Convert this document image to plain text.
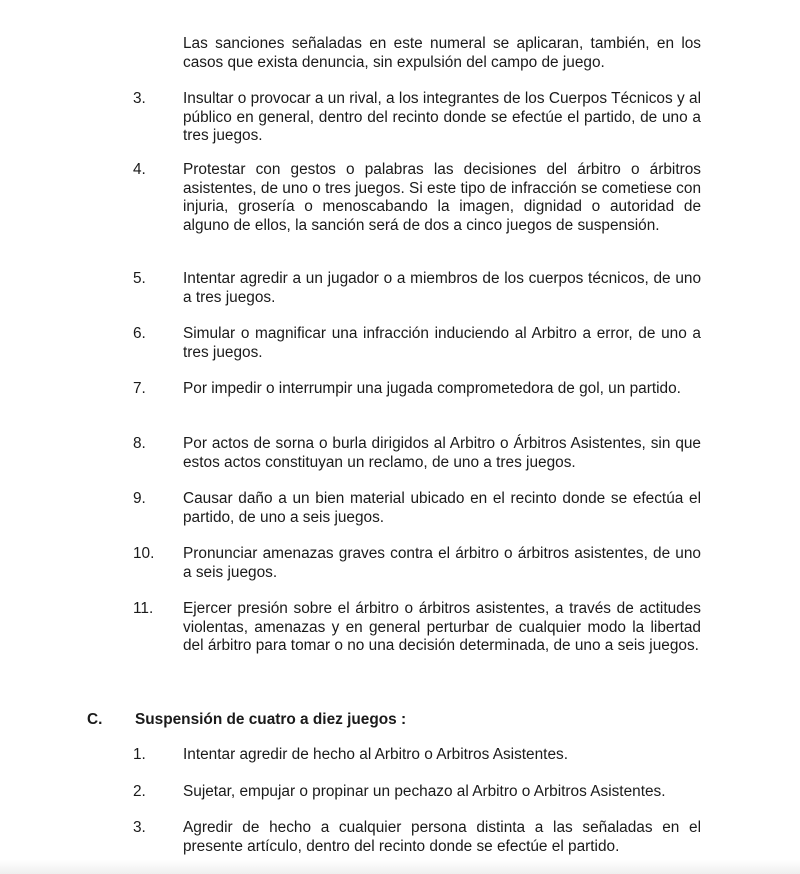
Las sanciones señaladas en este numeral se aplicaran, también, en los casos que exista denuncia, sin expulsión del campo de juego.
3. Insultar o provocar a un rival, a los integrantes de los Cuerpos Técnicos y al público en general, dentro del recinto donde se efectúe el partido, de uno a tres juegos.
4. Protestar con gestos o palabras las decisiones del árbitro o árbitros asistentes, de uno o tres juegos. Si este tipo de infracción se cometiese con injuria, grosería o menoscabando la imagen, dignidad o autoridad de alguno de ellos, la sanción será de dos a cinco juegos de suspensión.
5. Intentar agredir a un jugador o a miembros de los cuerpos técnicos, de uno a tres juegos.
6. Simular o magnificar una infracción induciendo al Arbitro a error, de uno a tres juegos.
7. Por impedir o interrumpir una jugada comprometedora de gol, un partido.
8. Por actos de sorna o burla dirigidos al Arbitro o Árbitros Asistentes, sin que estos actos constituyan un reclamo, de uno a tres juegos.
9. Causar daño a un bien material ubicado en el recinto donde se efectúa el partido, de uno a seis juegos.
10. Pronunciar amenazas graves contra el árbitro o árbitros asistentes, de uno a seis juegos.
11. Ejercer presión sobre el árbitro o árbitros asistentes, a través de actitudes violentas, amenazas y en general perturbar de cualquier modo la libertad del árbitro para tomar o no una decisión determinada, de uno a seis juegos.
C. Suspensión de cuatro a diez juegos :
1. Intentar agredir de hecho al Arbitro o Arbitros Asistentes.
2. Sujetar, empujar o propinar un pechazo al Arbitro o Arbitros Asistentes.
3. Agredir de hecho a cualquier persona distinta a las señaladas en el presente artículo, dentro del recinto donde se efectúe el partido.
